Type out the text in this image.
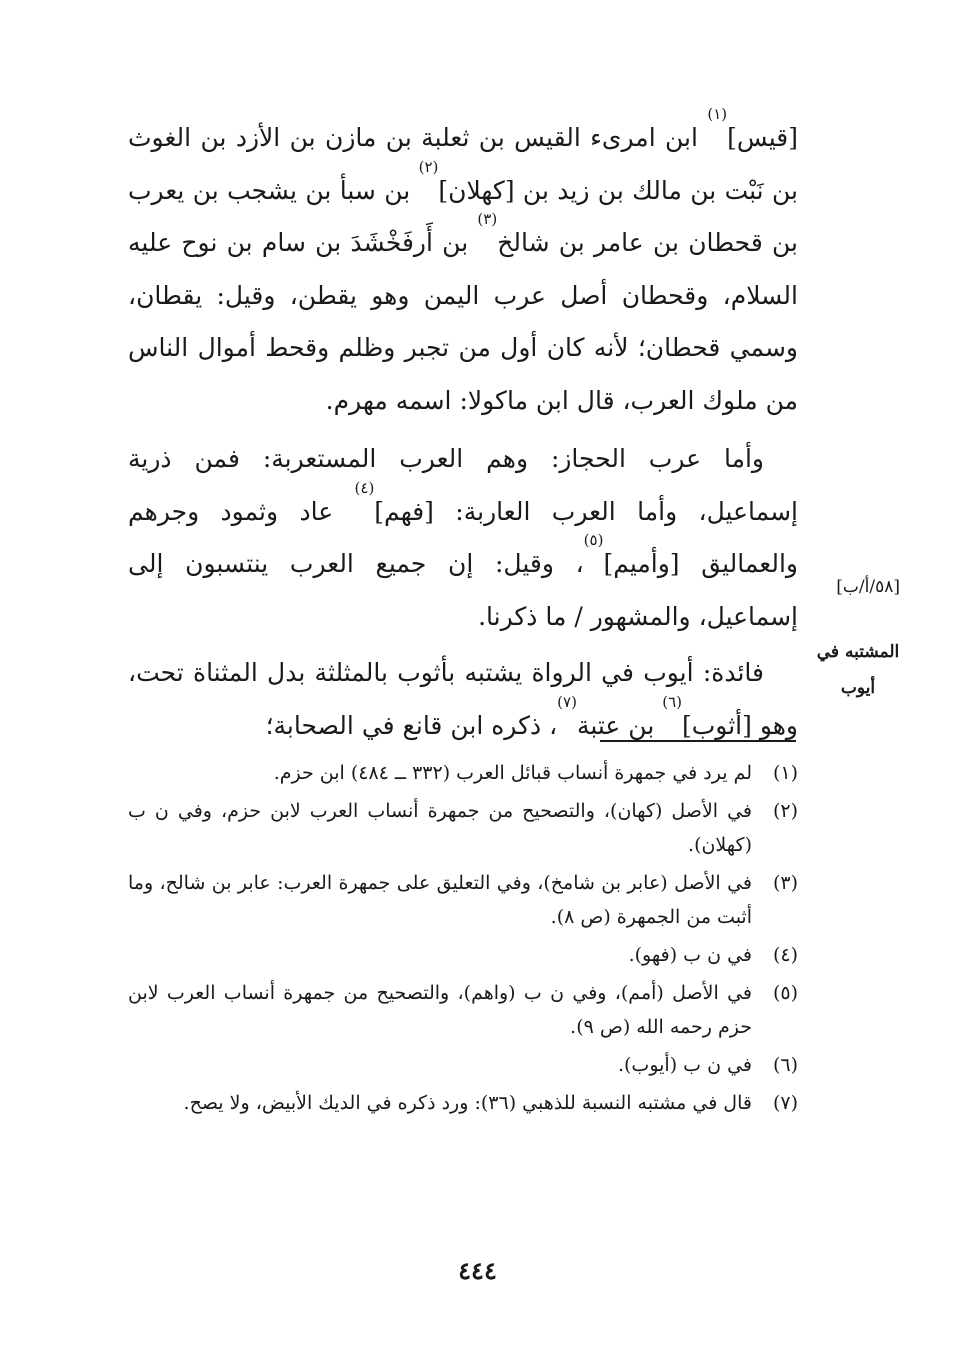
[قيس]$^{(١)}$ ابن امرىء القيس بن ثعلبة بن مازن بن الأزد بن الغوث بن نَبْت بن مالك بن زيد بن [كهلان]$^{(٢)}$ بن سبأ بن يشجب بن يعرب بن قحطان بن عامر بن شالخ$^{(٣)}$ بن أَرفَخْشَدَ بن سام بن نوح عليه السلام، وقحطان أصل عرب اليمن وهو يقطن، وقيل: يقطان، وسمي قحطان؛ لأنه كان أول من تجبر وظلم وقحط أموال الناس من ملوك العرب، قال ابن ماكولا: اسمه مهرم.

وأما عرب الحجاز: وهم العرب المستعربة: فمن ذرية إسماعيل، وأما العرب العاربة: [فهم]$^{(٤)}$ عاد وثمود وجرهم والعماليق [وأميم]$^{(٥)}$، وقيل: إن جميع العرب ينتسبون إلى إسماعيل، والمشهور / ما ذكرنا.

فائدة: أيوب في الرواة يشتبه بأثوب بالمثلثة بدل المثناة تحت، وهو [أثوب]$^{(٦)}$ بن عتبة$^{(٧)}$، ذكره ابن قانع في الصحابة؛

[٥٨/أ/ب]
المشتبه في
أيوب
(١)
لم يرد في جمهرة أنساب قبائل العرب (٣٣٢ ــ ٤٨٤) ابن حزم.
(٢)
في الأصل (كهان)، والتصحيح من جمهرة أنساب العرب لابن حزم، وفي ن ب (كهلان).
(٣)
في الأصل (عابر بن شامخ)، وفي التعليق على جمهرة العرب: عابر بن شالح، وما أثبت من الجمهرة (ص ٨).
(٤)
في ن ب (فهو).
(٥)
في الأصل (أمم)، وفي ن ب (واهم)، والتصحيح من جمهرة أنساب العرب لابن حزم رحمه الله (ص ٩).
(٦)
في ن ب (أيوب).
(٧)
قال في مشتبه النسبة للذهبي (٣٦): ورد ذكره في الديك الأبيض، ولا يصح.
٤٤٤
